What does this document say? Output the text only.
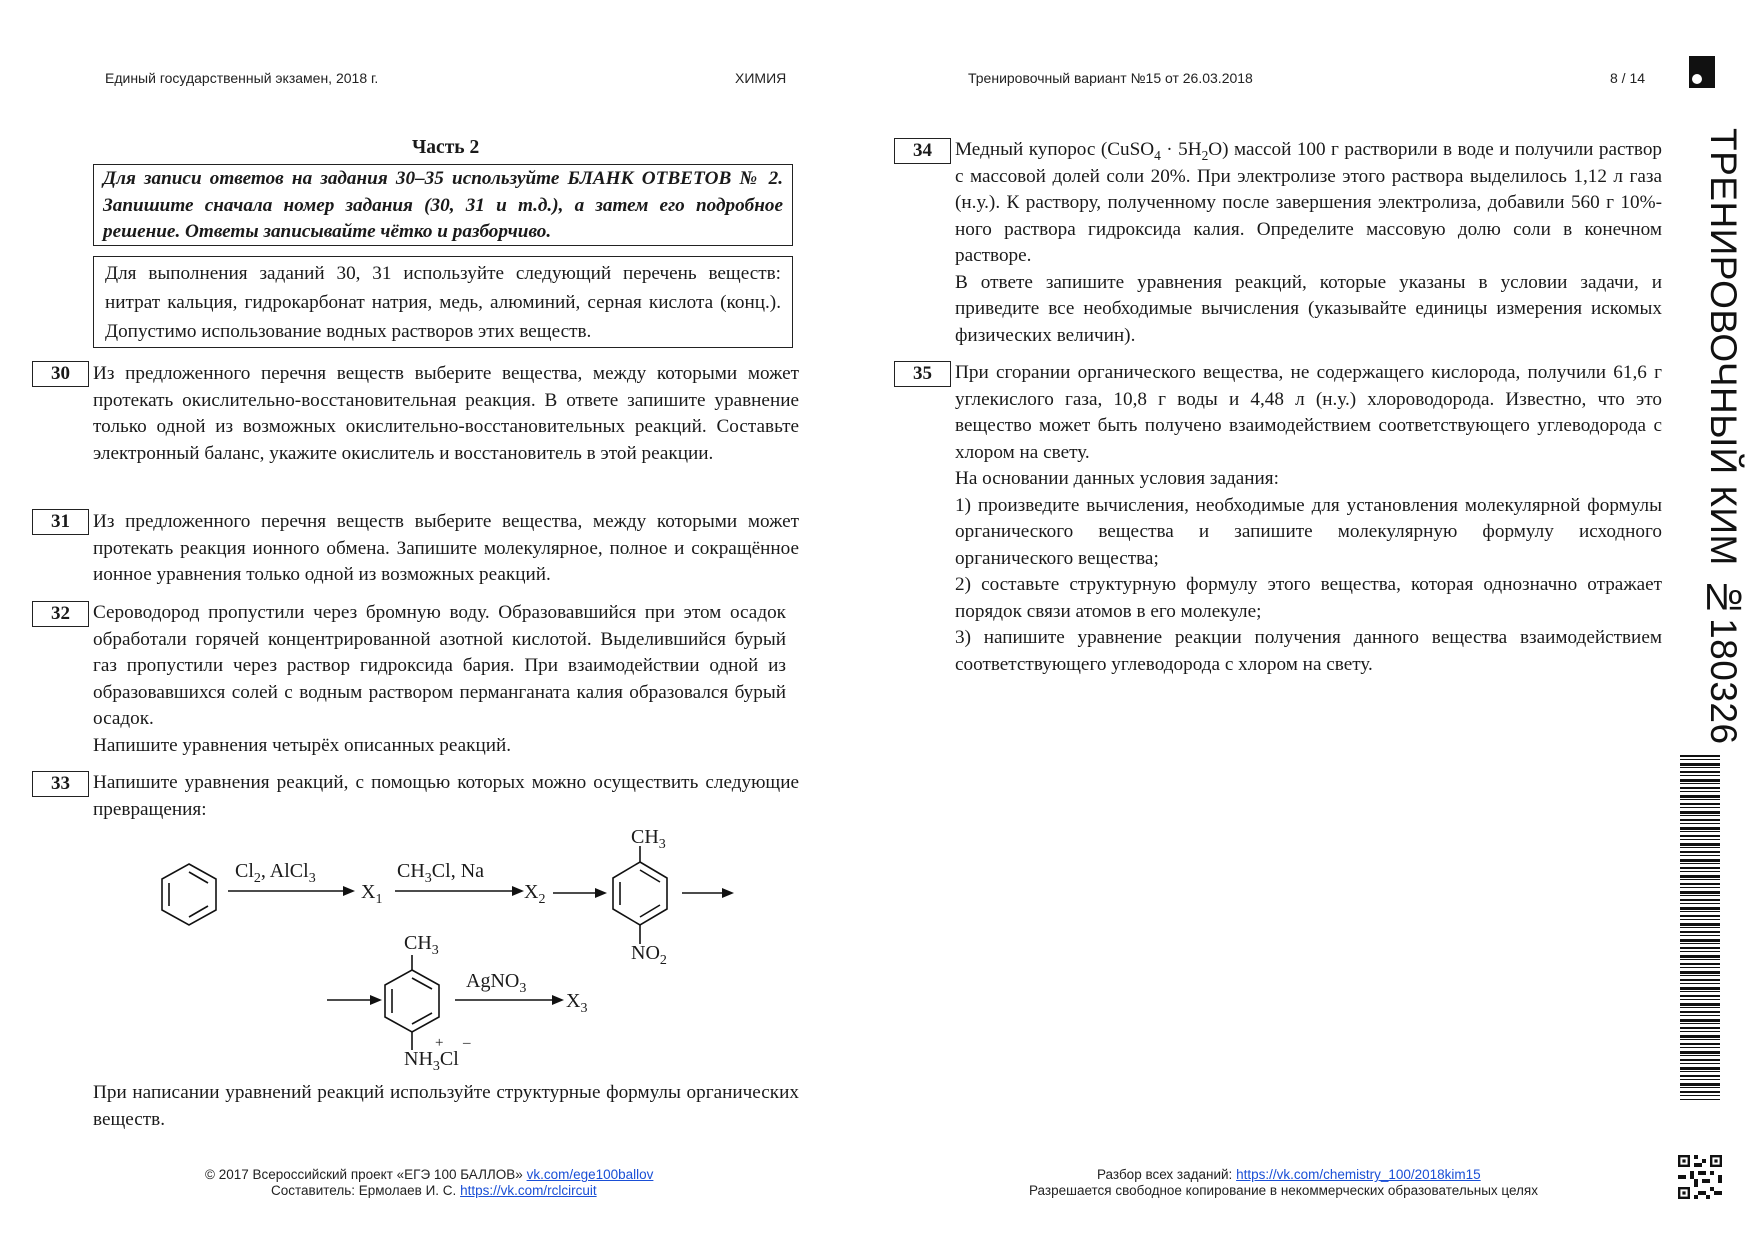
Единый государственный экзамен, 2018 г.	ХИМИЯ	Тренировочный вариант №15 от 26.03.2018	8 / 14
ТРЕНИРОВОЧНЫЙ КИМ №180326
Часть 2
Для записи ответов на задания 30–35 используйте БЛАНК ОТВЕТОВ № 2. Запишите сначала номер задания (30, 31 и т.д.), а затем его подробное решение. Ответы записывайте чётко и разборчиво.
Для выполнения заданий 30, 31 используйте следующий перечень веществ: нитрат кальция, гидрокарбонат натрия, медь, алюминий, серная кислота (конц.). Допустимо использование водных растворов этих веществ.
30	Из предложенного перечня веществ выберите вещества, между которыми может протекать окислительно-восстановительная реакция. В ответе запишите уравнение только одной из возможных окислительно-восстановительных реакций. Составьте электронный баланс, укажите окислитель и восстановитель в этой реакции.
31	Из предложенного перечня веществ выберите вещества, между которыми может протекать реакция ионного обмена. Запишите молекулярное, полное и сокращённое ионное уравнения только одной из возможных реакций.
32	Сероводород пропустили через бромную воду. Образовавшийся при этом осадок обработали горячей концентрированной азотной кислотой. Выделившийся бурый газ пропустили через раствор гидроксида бария. При взаимодействии одной из образовавшихся солей с водным раствором перманганата калия образовался бурый осадок.
Напишите уравнения четырёх описанных реакций.
33	Напишите уравнения реакций, с помощью которых можно осуществить следующие превращения:
$Cl_2$, AlCl$_3$
$X_1$
$CH_3Cl$, Na
$X_2$
$CH_3$
$NO_2$
$CH_3$
AgNO$_3$
$X_3$
$NH_3Cl$
+ –
При написании уравнений реакций используйте структурные формулы органических веществ.
34	Медный купорос (CuSO$_4$ · $5H_2O$) массой 100 г растворили в воде и получили раствор с массовой долей соли 20%. При электролизе этого раствора выделилось 1,12 л газа (н.у.). К раствору, полученному после завершения электролиза, добавили 560 г 10%-ного раствора гидроксида калия. Определите массовую долю соли в конечном растворе.
В ответе запишите уравнения реакций, которые указаны в условии задачи, и приведите все необходимые вычисления (указывайте единицы измерения искомых физических величин).
35	При сгорании органического вещества, не содержащего кислорода, получили 61,6 г углекислого газа, 10,8 г воды и 4,48 л (н.у.) хлороводорода. Известно, что это вещество может быть получено взаимодействием соответствующего углеводорода с хлором на свету.
На основании данных условия задания:
1) произведите вычисления, необходимые для установления молекулярной формулы органического вещества и запишите молекулярную формулу исходного органического вещества;
2) составьте структурную формулу этого вещества, которая однозначно отражает порядок связи атомов в его молекуле;
3) напишите уравнение реакции получения данного вещества взаимодействием соответствующего углеводорода с хлором на свету.
© 2017 Всероссийский проект «ЕГЭ 100 БАЛЛОВ» vk.com/ege100ballov
Составитель: Ермолаев И. С. https://vk.com/rclcircuit
Разбор всех заданий: https://vk.com/chemistry_100/2018kim15
Разрешается свободное копирование в некоммерческих образовательных целях
